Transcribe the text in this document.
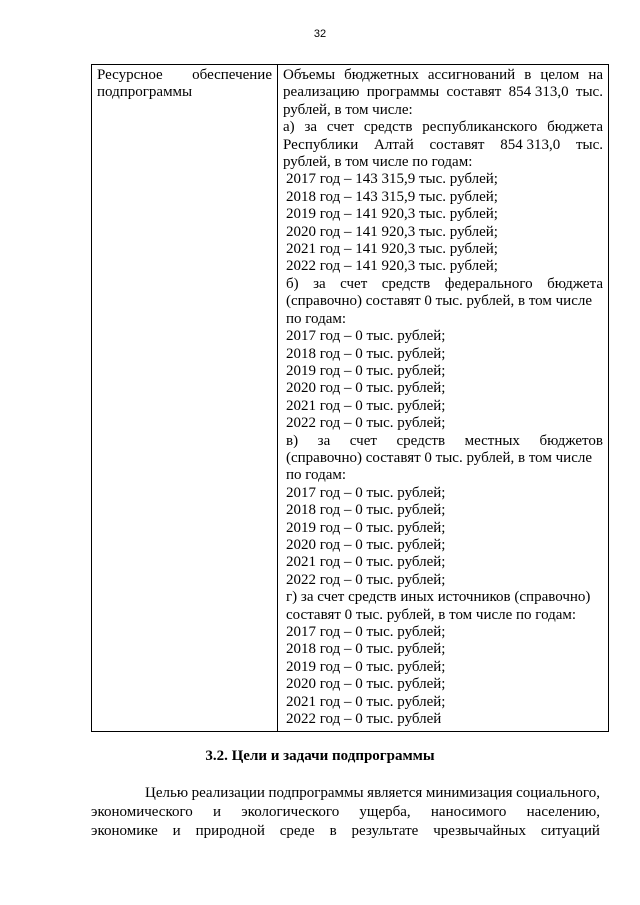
32
Ресурсное обеспечение
подпрограммы

Объемы бюджетных ассигнований в целом на
реализацию программы составят 854 313,0 тыс.
рублей, в том числе:
а) за счет средств республиканского бюджета
Республики Алтай составят 854 313,0 тыс.
рублей, в том числе по годам:
2017 год – 143 315,9 тыс. рублей;
2018 год – 143 315,9 тыс. рублей;
2019 год – 141 920,3 тыс. рублей;
2020 год – 141 920,3 тыс. рублей;
2021 год – 141 920,3 тыс. рублей;
2022 год – 141 920,3 тыс. рублей;
б) за счет средств федерального бюджета
(справочно) составят 0 тыс. рублей, в том числе
по годам:
2017 год – 0 тыс. рублей;
2018 год – 0 тыс. рублей;
2019 год – 0 тыс. рублей;
2020 год – 0 тыс. рублей;
2021 год – 0 тыс. рублей;
2022 год – 0 тыс. рублей;
в) за счет средств местных бюджетов
(справочно) составят 0 тыс. рублей, в том числе
по годам:
2017 год – 0 тыс. рублей;
2018 год – 0 тыс. рублей;
2019 год – 0 тыс. рублей;
2020 год – 0 тыс. рублей;
2021 год – 0 тыс. рублей;
2022 год – 0 тыс. рублей;
г) за счет средств иных источников (справочно)
составят 0 тыс. рублей, в том числе по годам:
2017 год – 0 тыс. рублей;
2018 год – 0 тыс. рублей;
2019 год – 0 тыс. рублей;
2020 год – 0 тыс. рублей;
2021 год – 0 тыс. рублей;
2022 год – 0 тыс. рублей
3.2. Цели и задачи подпрограммы
Целью реализации подпрограммы является минимизация социального,
экономического и экологического ущерба, наносимого населению,
экономике и природной среде в результате чрезвычайных ситуаций
